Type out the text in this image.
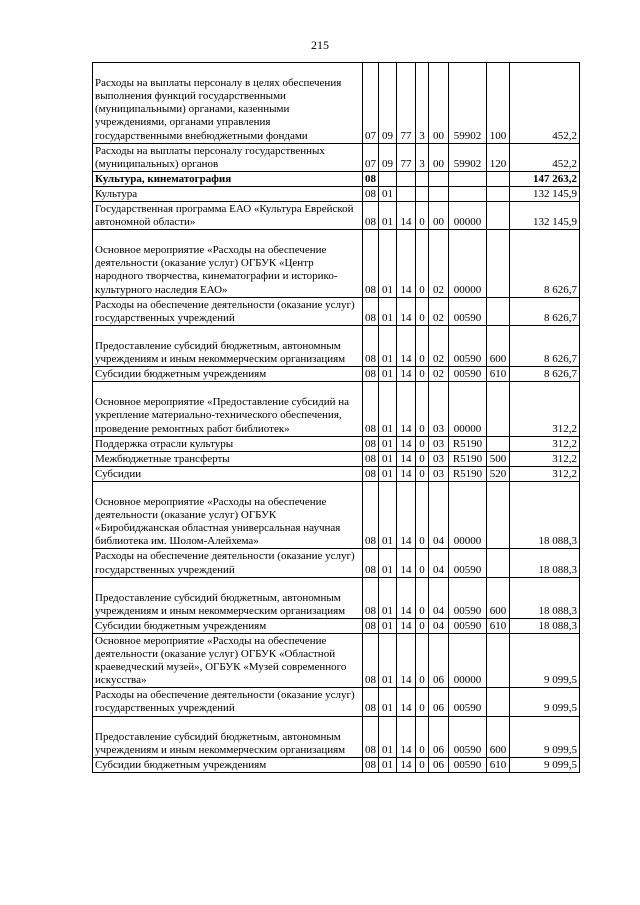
215
Расходы на выплаты персоналу в целях обеспечения выполнения функций государственными (муниципальными) органами, казенными учреждениями, органами управления государственными внебюджетными фондами	07	09	77	3	00	59902	100	452,2
Расходы на выплаты персоналу государственных (муниципальных) органов	07	09	77	3	00	59902	120	452,2
Культура, кинематография	08							147 263,2
Культура	08	01						132 145,9
Государственная программа ЕАО «Культура Еврейской автономной области»	08	01	14	0	00	00000		132 145,9
Основное мероприятие «Расходы на обеспечение деятельности (оказание услуг) ОГБУК «Центр народного творчества, кинематографии и историко-культурного наследия ЕАО»	08	01	14	0	02	00000		8 626,7
Расходы на обеспечение деятельности (оказание услуг) государственных учреждений	08	01	14	0	02	00590		8 626,7
Предоставление субсидий бюджетным, автономным учреждениям и иным некоммерческим организациям	08	01	14	0	02	00590	600	8 626,7
Субсидии бюджетным учреждениям	08	01	14	0	02	00590	610	8 626,7
Основное мероприятие «Предоставление субсидий на укрепление материально-технического обеспечения, проведение ремонтных работ библиотек»	08	01	14	0	03	00000		312,2
Поддержка отрасли культуры	08	01	14	0	03	R5190		312,2
Межбюджетные трансферты	08	01	14	0	03	R5190	500	312,2
Субсидии	08	01	14	0	03	R5190	520	312,2
Основное мероприятие «Расходы на обеспечение деятельности (оказание услуг) ОГБУК «Биробиджанская областная универсальная научная библиотека им. Шолом-Алейхема»	08	01	14	0	04	00000		18 088,3
Расходы на обеспечение деятельности (оказание услуг) государственных учреждений	08	01	14	0	04	00590		18 088,3
Предоставление субсидий бюджетным, автономным учреждениям и иным некоммерческим организациям	08	01	14	0	04	00590	600	18 088,3
Субсидии бюджетным учреждениям	08	01	14	0	04	00590	610	18 088,3
Основное мероприятие «Расходы на обеспечение деятельности (оказание услуг) ОГБУК «Областной краеведческий музей», ОГБУК «Музей современного искусства»	08	01	14	0	06	00000		9 099,5
Расходы на обеспечение деятельности (оказание услуг) государственных учреждений	08	01	14	0	06	00590		9 099,5
Предоставление субсидий бюджетным, автономным учреждениям и иным некоммерческим организациям	08	01	14	0	06	00590	600	9 099,5
Субсидии бюджетным учреждениям	08	01	14	0	06	00590	610	9 099,5
